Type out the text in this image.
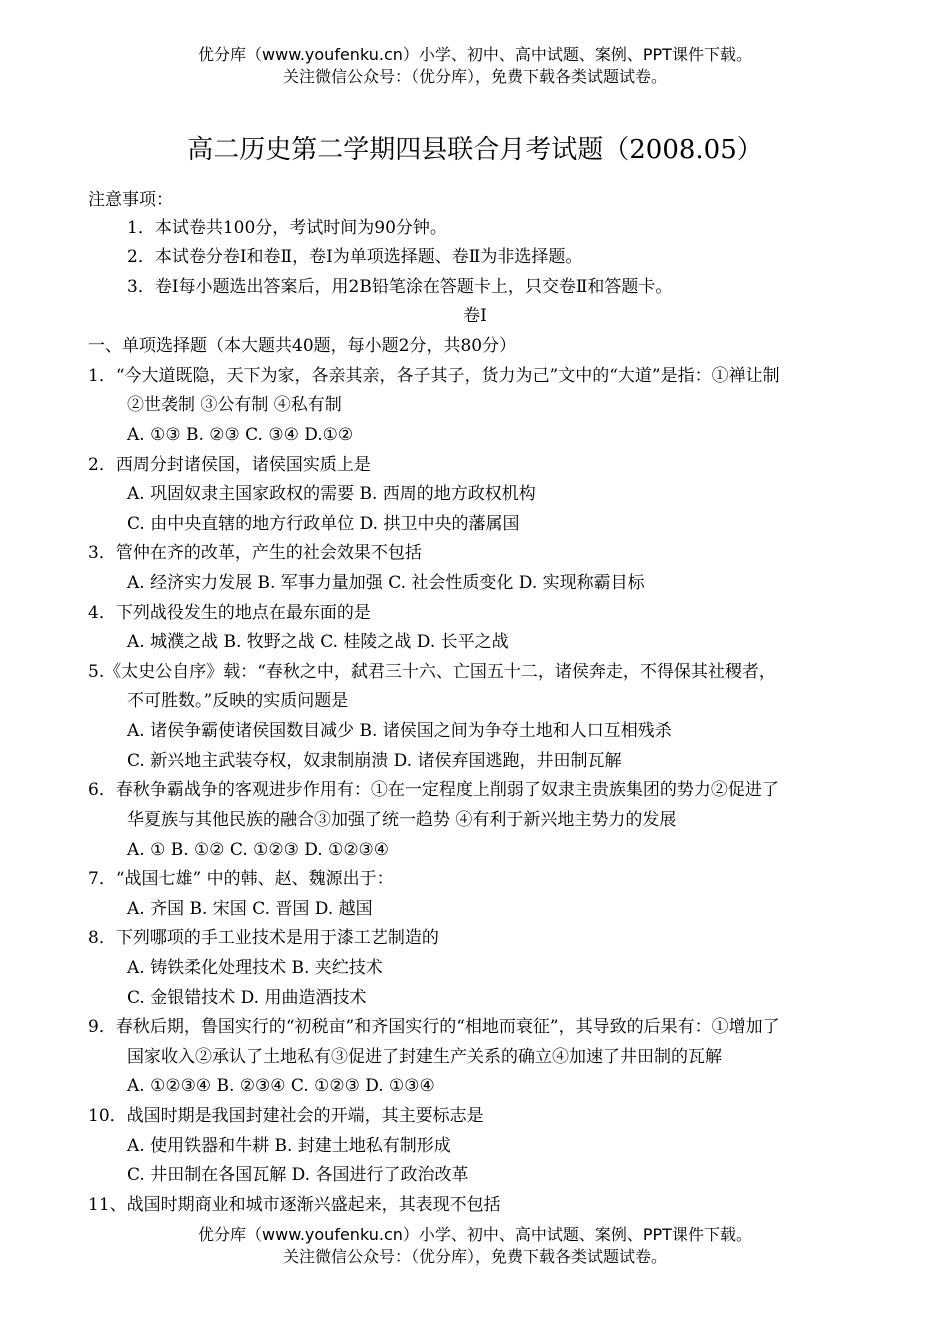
优分库（www.youfenku.cn）小学、初中、高中试题、案例、PPT课件下载。
关注微信公众号：（优分库），免费下载各类试题试卷。
高二历史第二学期四县联合月考试题（2008.05）
注意事项：
1．本试卷共100分，考试时间为90分钟。
2．本试卷分卷Ⅰ和卷Ⅱ，卷Ⅰ为单项选择题、卷Ⅱ为非选择题。
3．卷Ⅰ每小题选出答案后，用2B铅笔涂在答题卡上，只交卷Ⅱ和答题卡。
卷Ⅰ
一、单项选择题（本大题共40题，每小题2分，共80分）
1．“今大道既隐，天下为家，各亲其亲，各子其子，货力为己”文中的“大道”是指：①禅让制
②世袭制 ③公有制 ④私有制
A. ①③ B. ②③ C. ③④ D.①②
2．西周分封诸侯国，诸侯国实质上是
A. 巩固奴隶主国家政权的需要 B. 西周的地方政权机构
C. 由中央直辖的地方行政单位 D. 拱卫中央的藩属国
3．管仲在齐的改革，产生的社会效果不包括
A. 经济实力发展 B. 军事力量加强 C. 社会性质变化 D. 实现称霸目标
4．下列战役发生的地点在最东面的是
A. 城濮之战 B. 牧野之战 C. 桂陵之战 D. 长平之战
5.《太史公自序》载：“春秋之中，弑君三十六、亡国五十二，诸侯奔走，不得保其社稷者，
不可胜数。”反映的实质问题是
A. 诸侯争霸使诸侯国数目减少 B. 诸侯国之间为争夺土地和人口互相残杀
C. 新兴地主武装夺权，奴隶制崩溃 D. 诸侯弃国逃跑，井田制瓦解
6．春秋争霸战争的客观进步作用有：①在一定程度上削弱了奴隶主贵族集团的势力②促进了
华夏族与其他民族的融合③加强了统一趋势 ④有利于新兴地主势力的发展
A. ① B. ①② C. ①②③ D. ①②③④
7．“战国七雄” 中的韩、赵、魏源出于：
A. 齐国 B. 宋国 C. 晋国 D. 越国
8．下列哪项的手工业技术是用于漆工艺制造的
A. 铸铁柔化处理技术 B. 夹纻技术
C. 金银错技术 D. 用曲造酒技术
9．春秋后期，鲁国实行的“初税亩”和齐国实行的“相地而衰征”，其导致的后果有：①增加了
国家收入②承认了土地私有③促进了封建生产关系的确立④加速了井田制的瓦解
A. ①②③④ B. ②③④ C. ①②③ D. ①③④
10．战国时期是我国封建社会的开端，其主要标志是
A. 使用铁器和牛耕 B. 封建土地私有制形成
C. 井田制在各国瓦解 D. 各国进行了政治改革
11、战国时期商业和城市逐渐兴盛起来，其表现不包括
优分库（www.youfenku.cn）小学、初中、高中试题、案例、PPT课件下载。
关注微信公众号：（优分库），免费下载各类试题试卷。
